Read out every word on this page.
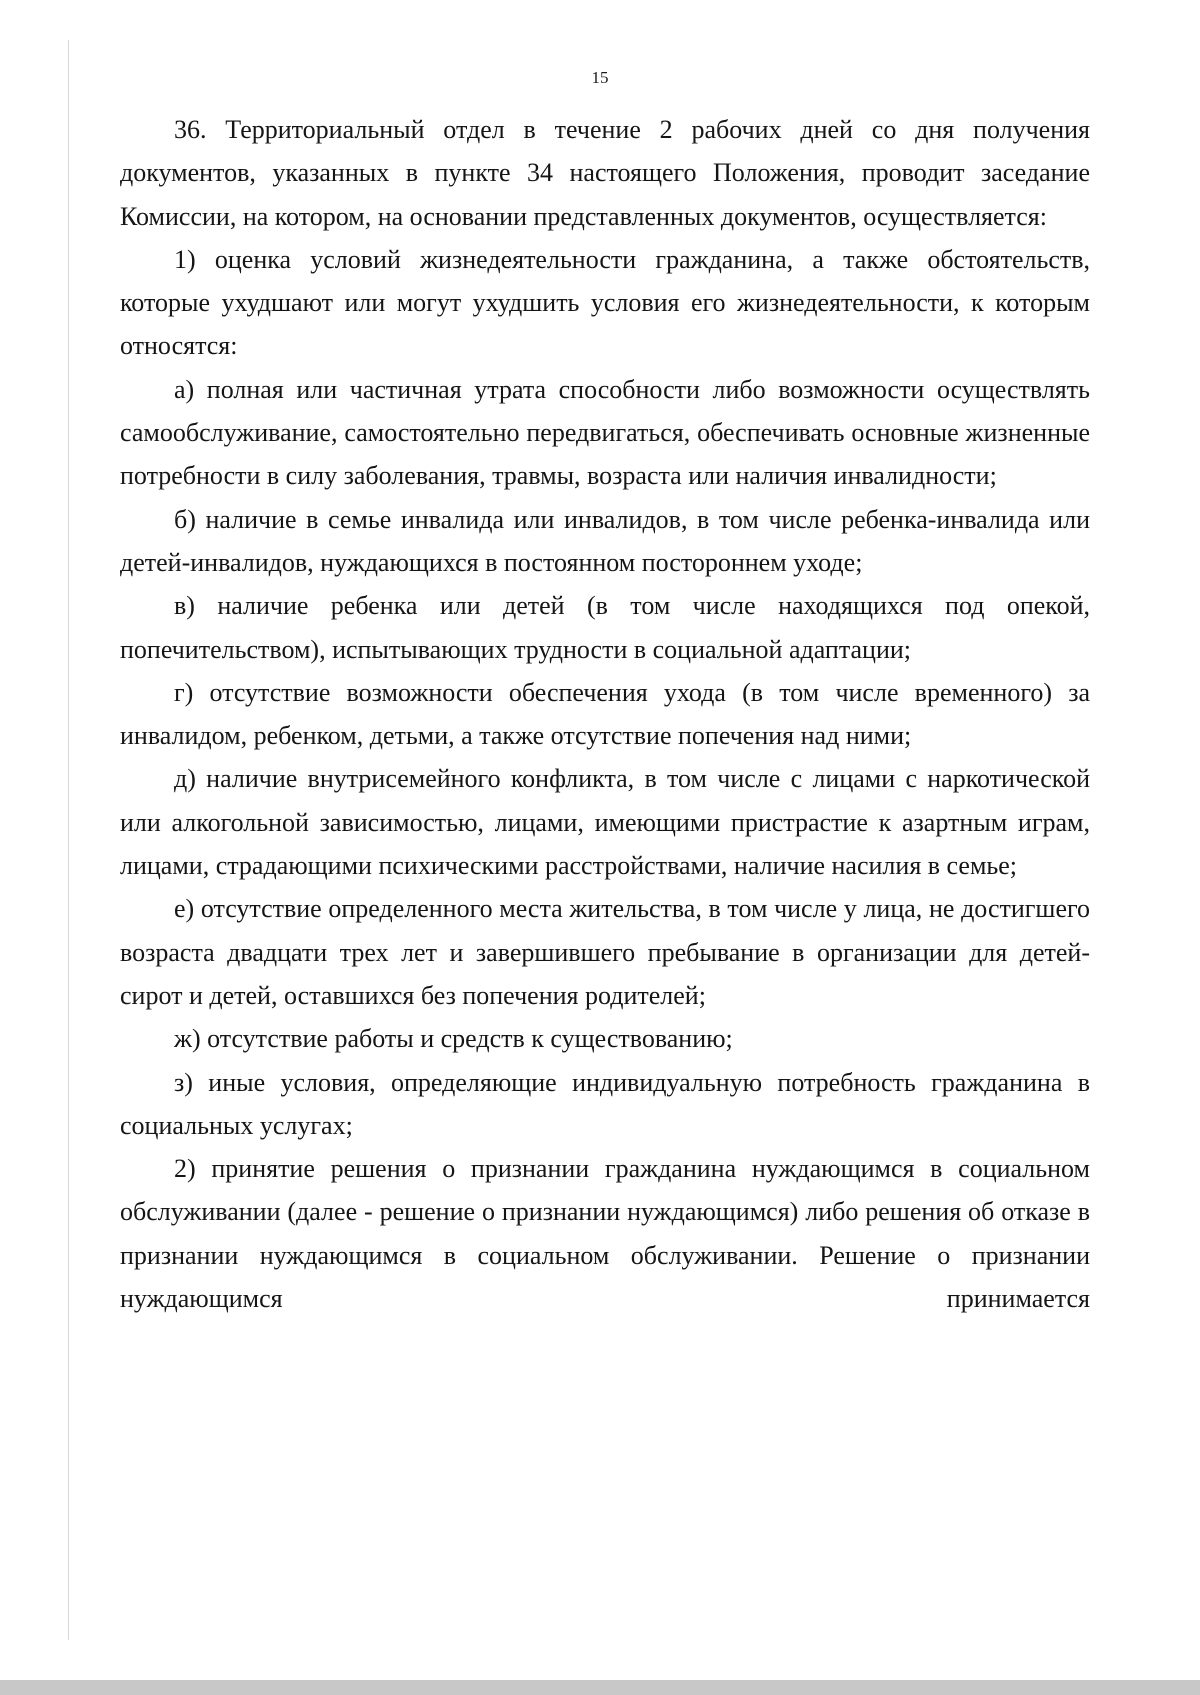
15

36. Территориальный отдел в течение 2 рабочих дней со дня получения документов, указанных в пункте 34 настоящего Положения, проводит заседание Комиссии, на котором, на основании представленных документов, осуществляется:

1) оценка условий жизнедеятельности гражданина, а также обстоятельств, которые ухудшают или могут ухудшить условия его жизнедеятельности, к которым относятся:

а) полная или частичная утрата способности либо возможности осуществлять самообслуживание, самостоятельно передвигаться, обеспечивать основные жизненные потребности в силу заболевания, травмы, возраста или наличия инвалидности;

б) наличие в семье инвалида или инвалидов, в том числе ребенка-инвалида или детей-инвалидов, нуждающихся в постоянном постороннем уходе;

в) наличие ребенка или детей (в том числе находящихся под опекой, попечительством), испытывающих трудности в социальной адаптации;

г) отсутствие возможности обеспечения ухода (в том числе временного) за инвалидом, ребенком, детьми, а также отсутствие попечения над ними;

д) наличие внутрисемейного конфликта, в том числе с лицами с наркотической или алкогольной зависимостью, лицами, имеющими пристрастие к азартным играм, лицами, страдающими психическими расстройствами, наличие насилия в семье;

е) отсутствие определенного места жительства, в том числе у лица, не достигшего возраста двадцати трех лет и завершившего пребывание в организации для детей-сирот и детей, оставшихся без попечения родителей;

ж) отсутствие работы и средств к существованию;

з) иные условия, определяющие индивидуальную потребность гражданина в социальных услугах;

2) принятие решения о признании гражданина нуждающимся в социальном обслуживании (далее - решение о признании нуждающимся) либо решения об отказе в признании нуждающимся в социальном обслуживании. Решение о признании нуждающимся принимается
